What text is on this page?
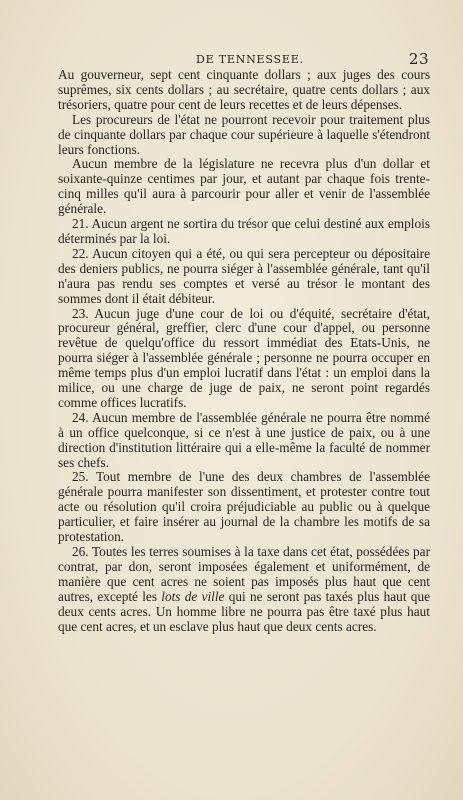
DE TENNESSEE.	23

Au gouverneur, sept cent cinquante dollars ; aux juges des cours suprêmes, six cents dollars ; au secrétaire, quatre cents dollars ; aux trésoriers, quatre pour cent de leurs recettes et de leurs dépenses.

Les procureurs de l'état ne pourront recevoir pour traitement plus de cinquante dollars par chaque cour supérieure à laquelle s'étendront leurs fonctions.

Aucun membre de la législature ne recevra plus d'un dollar et soixante-quinze centimes par jour, et autant par chaque fois trente-cinq milles qu'il aura à parcourir pour aller et venir de l'assemblée générale.

21. Aucun argent ne sortira du trésor que celui destiné aux emplois déterminés par la loi.

22. Aucun citoyen qui a été, ou qui sera percepteur ou dépositaire des deniers publics, ne pourra siéger à l'assemblée générale, tant qu'il n'aura pas rendu ses comptes et versé au trésor le montant des sommes dont il était débiteur.

23. Aucun juge d'une cour de loi ou d'équité, secrétaire d'état, procureur général, greffier, clerc d'une cour d'appel, ou personne revêtue de quelqu'office du ressort immédiat des Etats-Unis, ne pourra siéger à l'assemblée générale ; personne ne pourra occuper en même temps plus d'un emploi lucratif dans l'état : un emploi dans la milice, ou une charge de juge de paix, ne seront point regardés comme offices lucratifs.

24. Aucun membre de l'assemblée générale ne pourra être nommé à un office quelconque, si ce n'est à une justice de paix, ou à une direction d'institution littéraire qui a elle-même la faculté de nommer ses chefs.

25. Tout membre de l'une des deux chambres de l'assemblée générale pourra manifester son dissentiment, et protester contre tout acte ou résolution qu'il croira préjudiciable au public ou à quelque particulier, et faire insérer au journal de la chambre les motifs de sa protestation.

26. Toutes les terres soumises à la taxe dans cet état, possédées par contrat, par don, seront imposées également et uniformément, de manière que cent acres ne soient pas imposés plus haut que cent autres, excepté les lots de ville qui ne seront pas taxés plus haut que deux cents acres. Un homme libre ne pourra pas être taxé plus haut que cent acres, et un esclave plus haut que deux cents acres.
